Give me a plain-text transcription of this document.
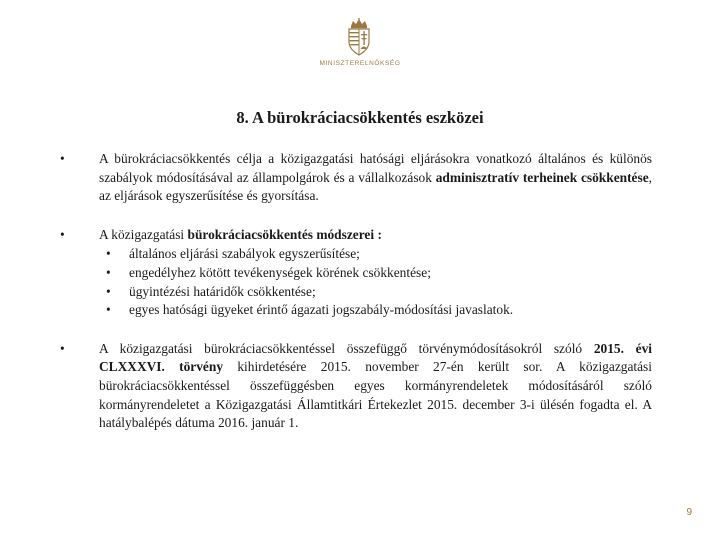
MINISZTERELNÖKSÉG
8. A bürokráciacsökkentés eszközei
•	A bürokráciacsökkentés célja a közigazgatási hatósági eljárásokra vonatkozó általános és különös szabályok módosításával az állampolgárok és a vállalkozások adminisztratív terheinek csökkentése, az eljárások egyszerűsítése és gyorsítása.
•	A közigazgatási bürokráciacsökkentés módszerei :
• általános eljárási szabályok egyszerűsítése;
• engedélyhez kötött tevékenységek körének csökkentése;
• ügyintézési határidők csökkentése;
• egyes hatósági ügyeket érintő ágazati jogszabály-módosítási javaslatok.
•	A közigazgatási bürokráciacsökkentéssel összefüggő törvénymódosításokról szóló 2015. évi CLXXXVI. törvény kihirdetésére 2015. november 27-én került sor. A közigazgatási bürokráciacsökkentéssel összefüggésben egyes kormányrendeletek módosításáról szóló kormányrendeletet a Közigazgatási Államtitkári Értekezlet 2015. december 3-i ülésén fogadta el. A hatálybalépés dátuma 2016. január 1.
9
